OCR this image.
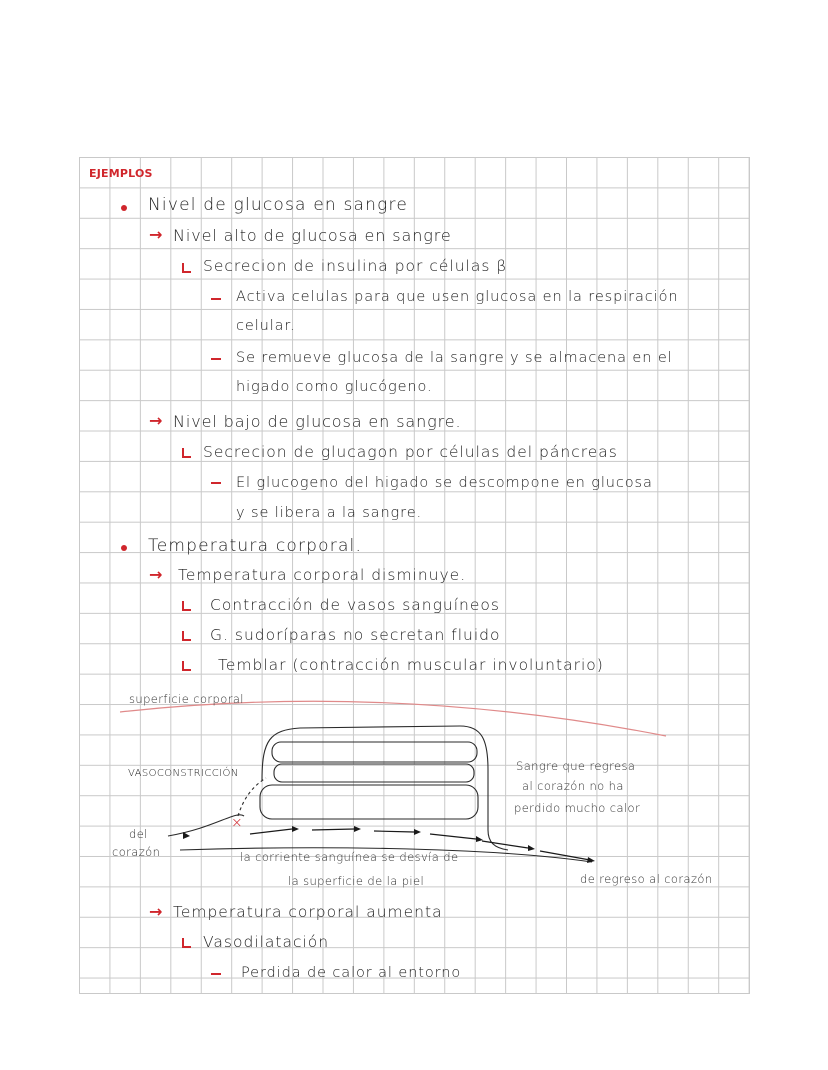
EJEMPLOS
Nivel de glucosa en sangre
→ Nivel alto de glucosa en sangre
Secrecion de insulina por células β
Activa celulas para que usen glucosa en la respiración
celular.
Se remueve glucosa de la sangre y se almacena en el
higado como glucógeno.
→ Nivel bajo de glucosa en sangre.
Secrecion de glucagon por células del páncreas
El glucogeno del higado se descompone en glucosa
y se libera a la sangre.
Temperatura corporal.
→ Temperatura corporal disminuye.
Contracción de vasos sanguíneos
G. sudoríparas no secretan fluido
Temblar (contracción muscular involuntario)
×
superficie corporal
VASOCONSTRICCIÓN
del
corazón
Sangre que regresa
al corazón no ha
perdido mucho calor
la corriente sanguínea se desvía de
la superficie de la piel	de regreso al corazón
→ Temperatura corporal aumenta
Vasodilatación
Perdida de calor al entorno
